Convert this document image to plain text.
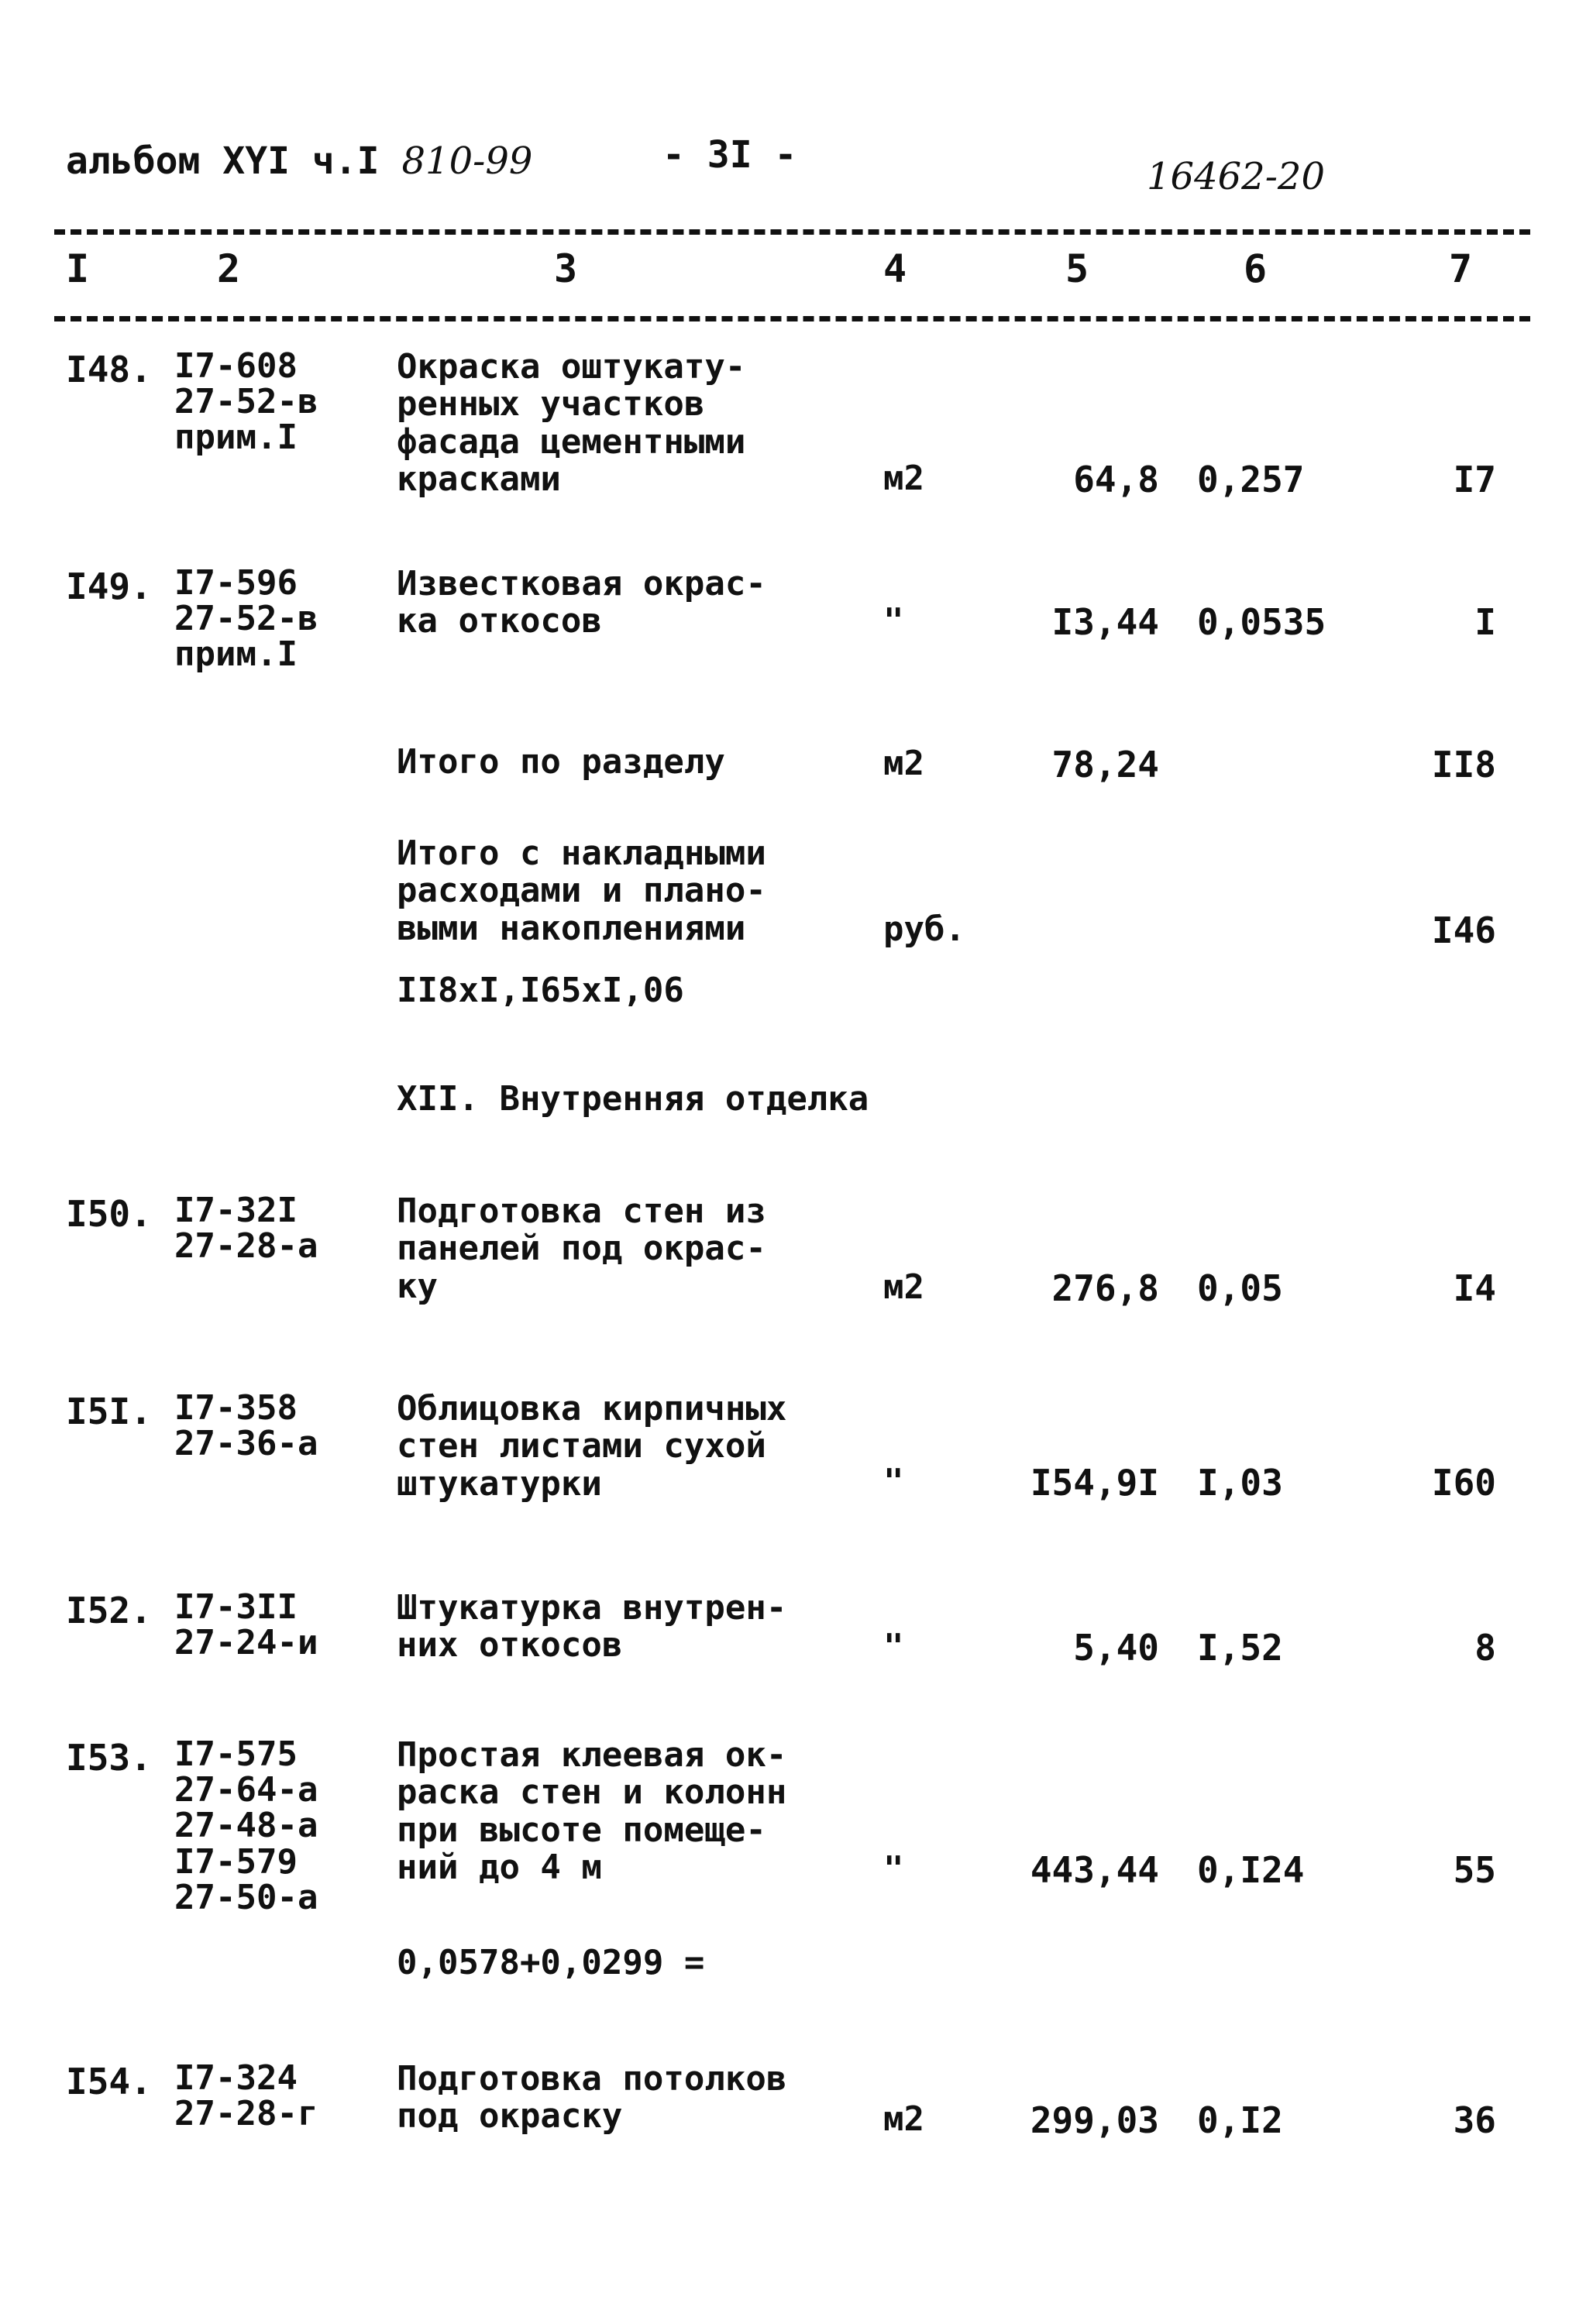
альбом XYI ч.I 810-99	- 3I -	16462-20
I	2	3	4	5	6	7
I48. I7-608
27-52-в
прим.I
Окраска оштукату-
ренных участков
фасада цементными
красками	м2	64,8 0,257	I7
I49. I7-596
27-52-в
прим.I
Известковая окрас-
ка откосов	"	I3,44 0,0535	I
Итого по разделу	м2	78,24	II8
Итого с накладными
расходами и плано-
выми накоплениями	руб.	I46
II8хI,I65хI,06
XII. Внутренняя отделка
I50. I7-32I
27-28-а
Подготовка стен из
панелей под окрас-
ку	м2	276,8 0,05	I4
I5I. I7-358
27-36-а
Облицовка кирпичных
стен листами сухой
штукатурки	"	I54,9I I,03	I60
I52. I7-3II
27-24-и
Штукатурка внутрен-
них откосов	"	5,40 I,52	8
I53. I7-575
27-64-а
27-48-а
I7-579
27-50-а
Простая клеевая ок-
раска стен и колонн
при высоте помеще-
ний до 4 м	"	443,44 0,I24	55
0,0578+0,0299 =
I54. I7-324
27-28-г
Подготовка потолков
под окраску	м2	299,03 0,I2	36
